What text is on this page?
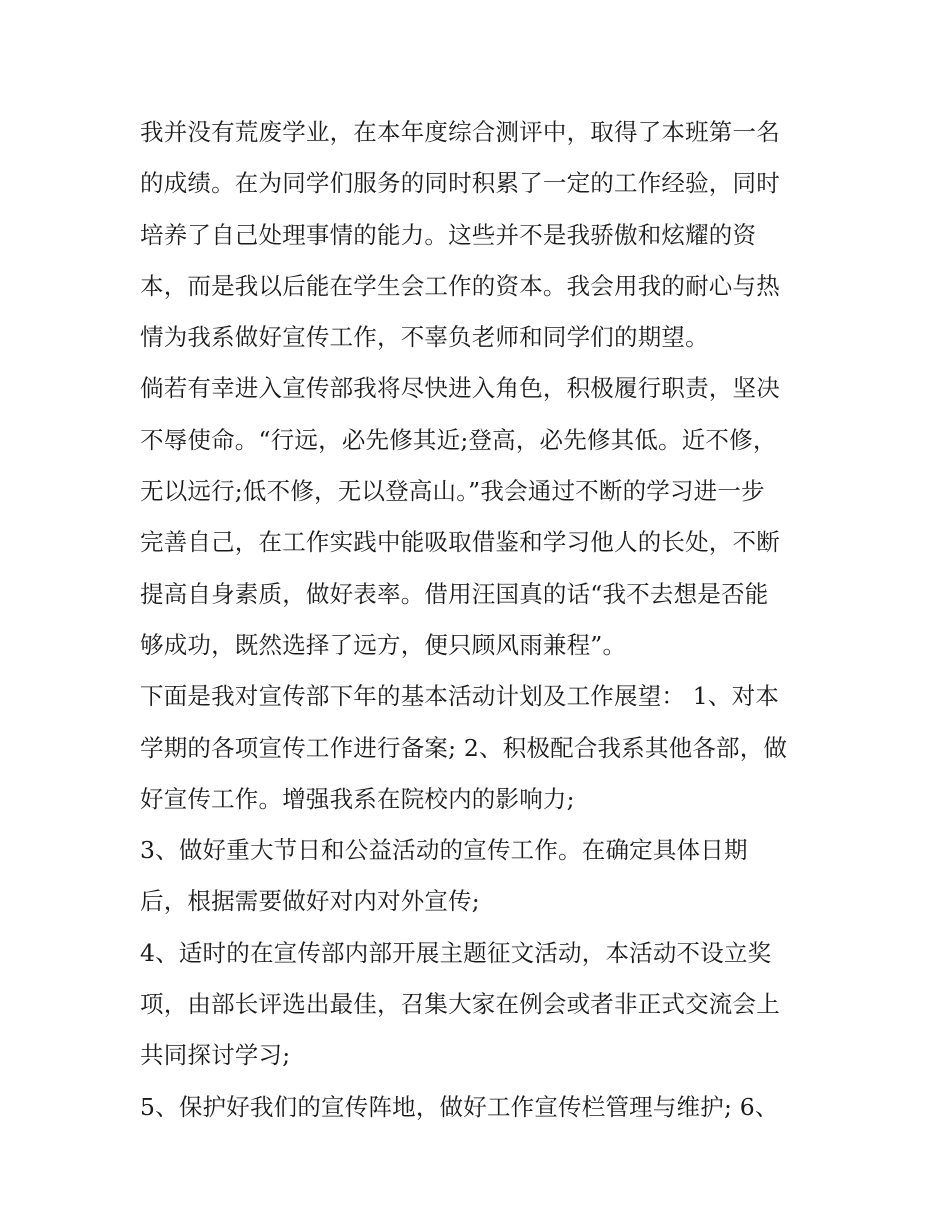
我并没有荒废学业，在本年度综合测评中，取得了本班第一名
的成绩。在为同学们服务的同时积累了一定的工作经验，同时
培养了自己处理事情的能力。这些并不是我骄傲和炫耀的资
本，而是我以后能在学生会工作的资本。我会用我的耐心与热
情为我系做好宣传工作，不辜负老师和同学们的期望。
倘若有幸进入宣传部我将尽快进入角色，积极履行职责，坚决
不辱使命。“行远，必先修其近;登高，必先修其低。近不修，
无以远行;低不修，无以登高山。”我会通过不断的学习进一步
完善自己，在工作实践中能吸取借鉴和学习他人的长处，不断
提高自身素质，做好表率。借用汪国真的话“我不去想是否能
够成功，既然选择了远方，便只顾风雨兼程”。
下面是我对宣传部下年的基本活动计划及工作展望： 1、对本
学期的各项宣传工作进行备案; 2、积极配合我系其他各部，做
好宣传工作。增强我系在院校内的影响力;
3、做好重大节日和公益活动的宣传工作。在确定具体日期
后，根据需要做好对内对外宣传;
4、适时的在宣传部内部开展主题征文活动，本活动不设立奖
项，由部长评选出最佳，召集大家在例会或者非正式交流会上
共同探讨学习;
5、保护好我们的宣传阵地，做好工作宣传栏管理与维护; 6、
